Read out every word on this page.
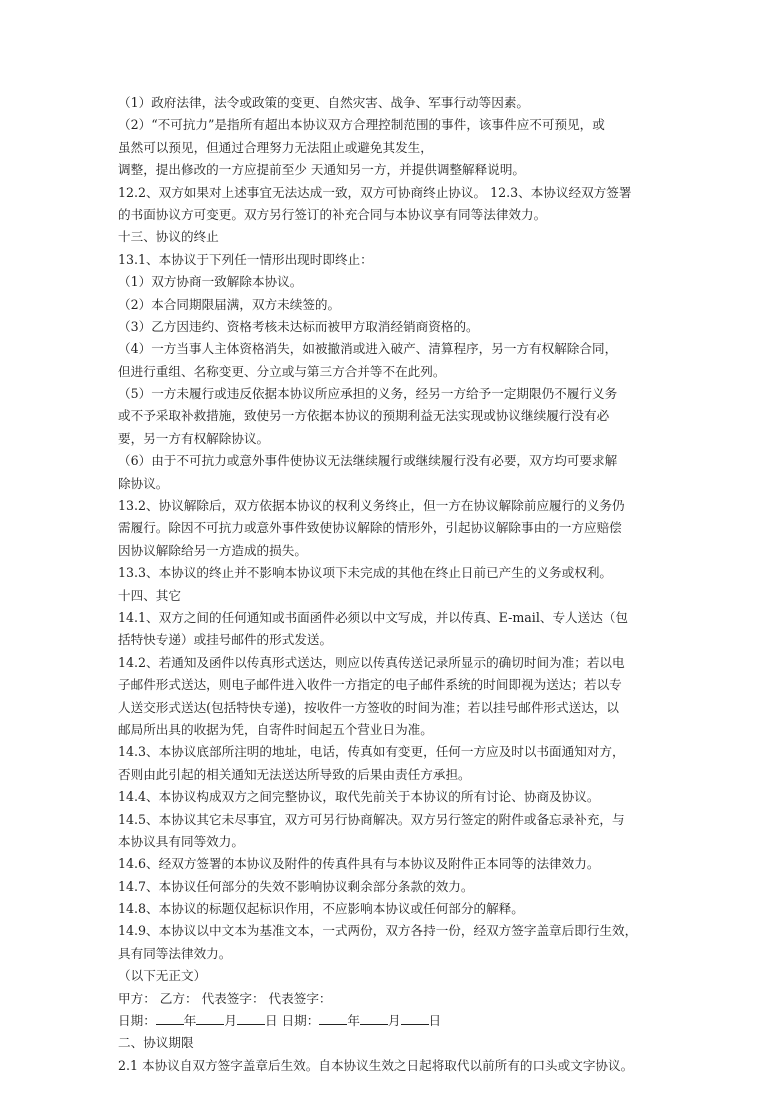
（1）政府法律，法令或政策的变更、自然灾害、战争、军事行动等因素。
（2）“不可抗力”是指所有超出本协议双方合理控制范围的事件，该事件应不可预见，或
虽然可以预见，但通过合理努力无法阻止或避免其发生，
调整，提出修改的一方应提前至少 天通知另一方，并提供调整解释说明。
12.2、双方如果对上述事宜无法达成一致，双方可协商终止协议。 12.3、本协议经双方签署
的书面协议方可变更。双方另行签订的补充合同与本协议享有同等法律效力。
十三、协议的终止
13.1、本协议于下列任一情形出现时即终止：
（1）双方协商一致解除本协议。
（2）本合同期限届满，双方未续签的。
（3）乙方因违约、资格考核未达标而被甲方取消经销商资格的。
（4）一方当事人主体资格消失，如被撤消或进入破产、清算程序，另一方有权解除合同，
但进行重组、名称变更、分立或与第三方合并等不在此列。
（5）一方未履行或违反依据本协议所应承担的义务，经另一方给予一定期限仍不履行义务
或不予采取补救措施，致使另一方依据本协议的预期利益无法实现或协议继续履行没有必
要，另一方有权解除协议。
（6）由于不可抗力或意外事件使协议无法继续履行或继续履行没有必要，双方均可要求解
除协议。
13.2、协议解除后，双方依据本协议的权利义务终止，但一方在协议解除前应履行的义务仍
需履行。除因不可抗力或意外事件致使协议解除的情形外，引起协议解除事由的一方应赔偿
因协议解除给另一方造成的损失。
13.3、本协议的终止并不影响本协议项下未完成的其他在终止日前已产生的义务或权利。
十四、其它
14.1、双方之间的任何通知或书面函件必须以中文写成，并以传真、E-mail、专人送达（包
括特快专递）或挂号邮件的形式发送。
14.2、若通知及函件以传真形式送达，则应以传真传送记录所显示的确切时间为准；若以电
子邮件形式送达，则电子邮件进入收件一方指定的电子邮件系统的时间即视为送达；若以专
人送交形式送达(包括特快专递)，按收件一方签收的时间为准；若以挂号邮件形式送达，以
邮局所出具的收据为凭，自寄件时间起五个营业日为准。
14.3、本协议底部所注明的地址，电话，传真如有变更，任何一方应及时以书面通知对方，
否则由此引起的相关通知无法送达所导致的后果由责任方承担。
14.4、本协议构成双方之间完整协议，取代先前关于本协议的所有讨论、协商及协议。
14.5、本协议其它未尽事宜，双方可另行协商解决。双方另行签定的附件或备忘录补充，与
本协议具有同等效力。
14.6、经双方签署的本协议及附件的传真件具有与本协议及附件正本同等的法律效力。
14.7、本协议任何部分的失效不影响协议剩余部分条款的效力。
14.8、本协议的标题仅起标识作用，不应影响本协议或任何部分的解释。
14.9、本协议以中文本为基准文本，一式两份，双方各持一份，经双方签字盖章后即行生效，
具有同等法律效力。
（以下无正文）
甲方： 乙方： 代表签字： 代表签字：
日期： 年 月 日 日期： 年 月 日
二、协议期限
2.1 本协议自双方签字盖章后生效。自本协议生效之日起将取代以前所有的口头或文字协议。
